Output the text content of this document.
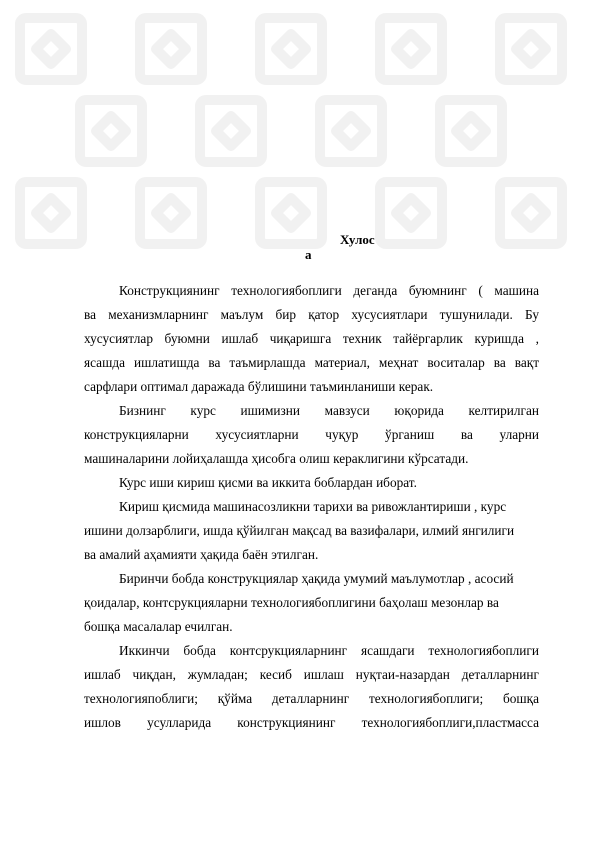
Хулос
а
Конструкциянинг технологиябоплиги деганда буюмнинг ( машина
ва механизмларнинг маълум бир қатор хусусиятлари тушунилади. Бу
хусусиятлар буюмни ишлаб чиқаришга техник тайёргарлик куришда ,
ясашда ишлатишда ва таъмирлашда материал, меҳнат воситалар ва вақт
сарфлари оптимал даражада бўлишини таъминланиши керак.
Бизнинг курс ишимизни мавзуси юқорида келтирилган
конструкцияларни хусусиятларни чуқур ўрганиш ва уларни
машиналарини лойиҳалашда ҳисобга олиш кераклигини кўрсатади.
Курс иши кириш қисми ва иккита боблардан иборат.
Кириш қисмида машинасозликни тарихи ва ривожлантириши , курс
ишини долзарблиги, ишда қўйилган мақсад ва вазифалари, илмий янгилиги
ва амалий аҳамияти ҳақида баён этилган.
Биринчи бобда конструкциялар ҳақида умумий маълумотлар , асосий
қоидалар, контсрукцияларни технологиябоплигини баҳолаш мезонлар ва
бошқа масалалар ечилган.
Иккинчи бобда контсрукцияларнинг ясашдаги технологиябоплиги
ишлаб чиқдан, жумладан; кесиб ишлаш нуқтаи-назардан деталларнинг
технологияпоблиги; қўйма деталларнинг технологиябоплиги; бошқа
ишлов усулларида конструкциянинг технологиябоплиги,пластмасса
